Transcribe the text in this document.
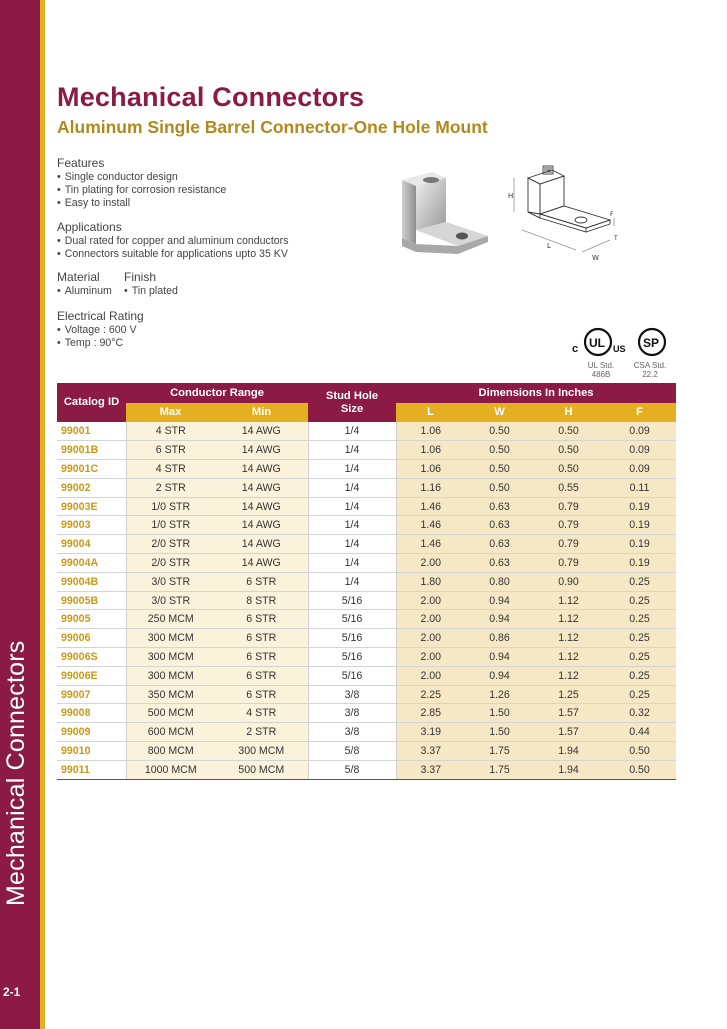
Mechanical Connectors
2-1
Mechanical Connectors
Aluminum Single Barrel Connector-One Hole Mount
Features
• Single conductor design
• Tin plating for corrosion resistance
• Easy to install
Applications
• Dual rated for copper and aluminum conductors
• Connectors suitable for applications upto 35 KV
Material
• Aluminum
Finish
• Tin plated
Electrical Rating
• Voltage : 600 V
• Temp : 90°C
H
L
W
F
T
c UL US SP
UL Std.
486B
CSA Std.
22.2
Catalog ID	Conductor Range		Stud Hole Size	Dimensions In Inches			
	Max	Min		L	W	H	F
99001	4 STR	14 AWG	1/4	1.06	0.50	0.50	0.09
99001B	6 STR	14 AWG	1/4	1.06	0.50	0.50	0.09
99001C	4 STR	14 AWG	1/4	1.06	0.50	0.50	0.09
99002	2 STR	14 AWG	1/4	1.16	0.50	0.55	0.11
99003E	1/0 STR	14 AWG	1/4	1.46	0.63	0.79	0.19
99003	1/0 STR	14 AWG	1/4	1.46	0.63	0.79	0.19
99004	2/0 STR	14 AWG	1/4	1.46	0.63	0.79	0.19
99004A	2/0 STR	14 AWG	1/4	2.00	0.63	0.79	0.19
99004B	3/0 STR	6 STR	1/4	1.80	0.80	0.90	0.25
99005B	3/0 STR	8 STR	5/16	2.00	0.94	1.12	0.25
99005	250 MCM	6 STR	5/16	2.00	0.94	1.12	0.25
99006	300 MCM	6 STR	5/16	2.00	0.86	1.12	0.25
99006S	300 MCM	6 STR	5/16	2.00	0.94	1.12	0.25
99006E	300 MCM	6 STR	5/16	2.00	0.94	1.12	0.25
99007	350 MCM	6 STR	3/8	2.25	1.26	1.25	0.25
99008	500 MCM	4 STR	3/8	2.85	1.50	1.57	0.32
99009	600 MCM	2 STR	3/8	3.19	1.50	1.57	0.44
99010	800 MCM	300 MCM	5/8	3.37	1.75	1.94	0.50
99011	1000 MCM	500 MCM	5/8	3.37	1.75	1.94	0.50
